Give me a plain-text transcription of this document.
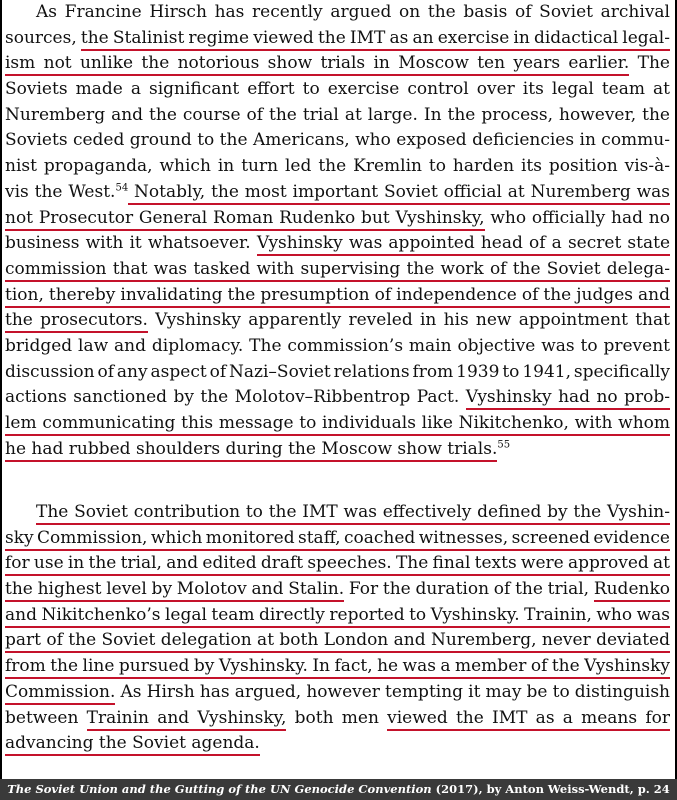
As Francine Hirsch has recently argued on the basis of Soviet archival
sources, the Stalinist regime viewed the IMT as an exercise in didactical legal-
ism not unlike the notorious show trials in Moscow ten years earlier. The
Soviets made a significant effort to exercise control over its legal team at
Nuremberg and the course of the trial at large. In the process, however, the
Soviets ceded ground to the Americans, who exposed deficiencies in commu-
nist propaganda, which in turn led the Kremlin to harden its position vis-à-
vis the West.$^{54}$ Notably, the most important Soviet official at Nuremberg was
not Prosecutor General Roman Rudenko but Vyshinsky, who officially had no
business with it whatsoever. Vyshinsky was appointed head of a secret state
commission that was tasked with supervising the work of the Soviet delega-
tion, thereby invalidating the presumption of independence of the judges and
the prosecutors. Vyshinsky apparently reveled in his new appointment that
bridged law and diplomacy. The commission’s main objective was to prevent
discussion of any aspect of Nazi–Soviet relations from 1939 to 1941, specifically
actions sanctioned by the Molotov–Ribbentrop Pact. Vyshinsky had no prob-
lem communicating this message to individuals like Nikitchenko, with whom
he had rubbed shoulders during the Moscow show trials.$^{55}$
The Soviet contribution to the IMT was effectively defined by the Vyshin-
sky Commission, which monitored staff, coached witnesses, screened evidence
for use in the trial, and edited draft speeches. The final texts were approved at
the highest level by Molotov and Stalin. For the duration of the trial, Rudenko
and Nikitchenko’s legal team directly reported to Vyshinsky. Trainin, who was
part of the Soviet delegation at both London and Nuremberg, never deviated
from the line pursued by Vyshinsky. In fact, he was a member of the Vyshinsky
Commission. As Hirsh has argued, however tempting it may be to distinguish
between Trainin and Vyshinsky, both men viewed the IMT as a means for
advancing the Soviet agenda.
The Soviet Union and the Gutting of the UN Genocide Convention (2017), by Anton Weiss-Wendt, p. 24
